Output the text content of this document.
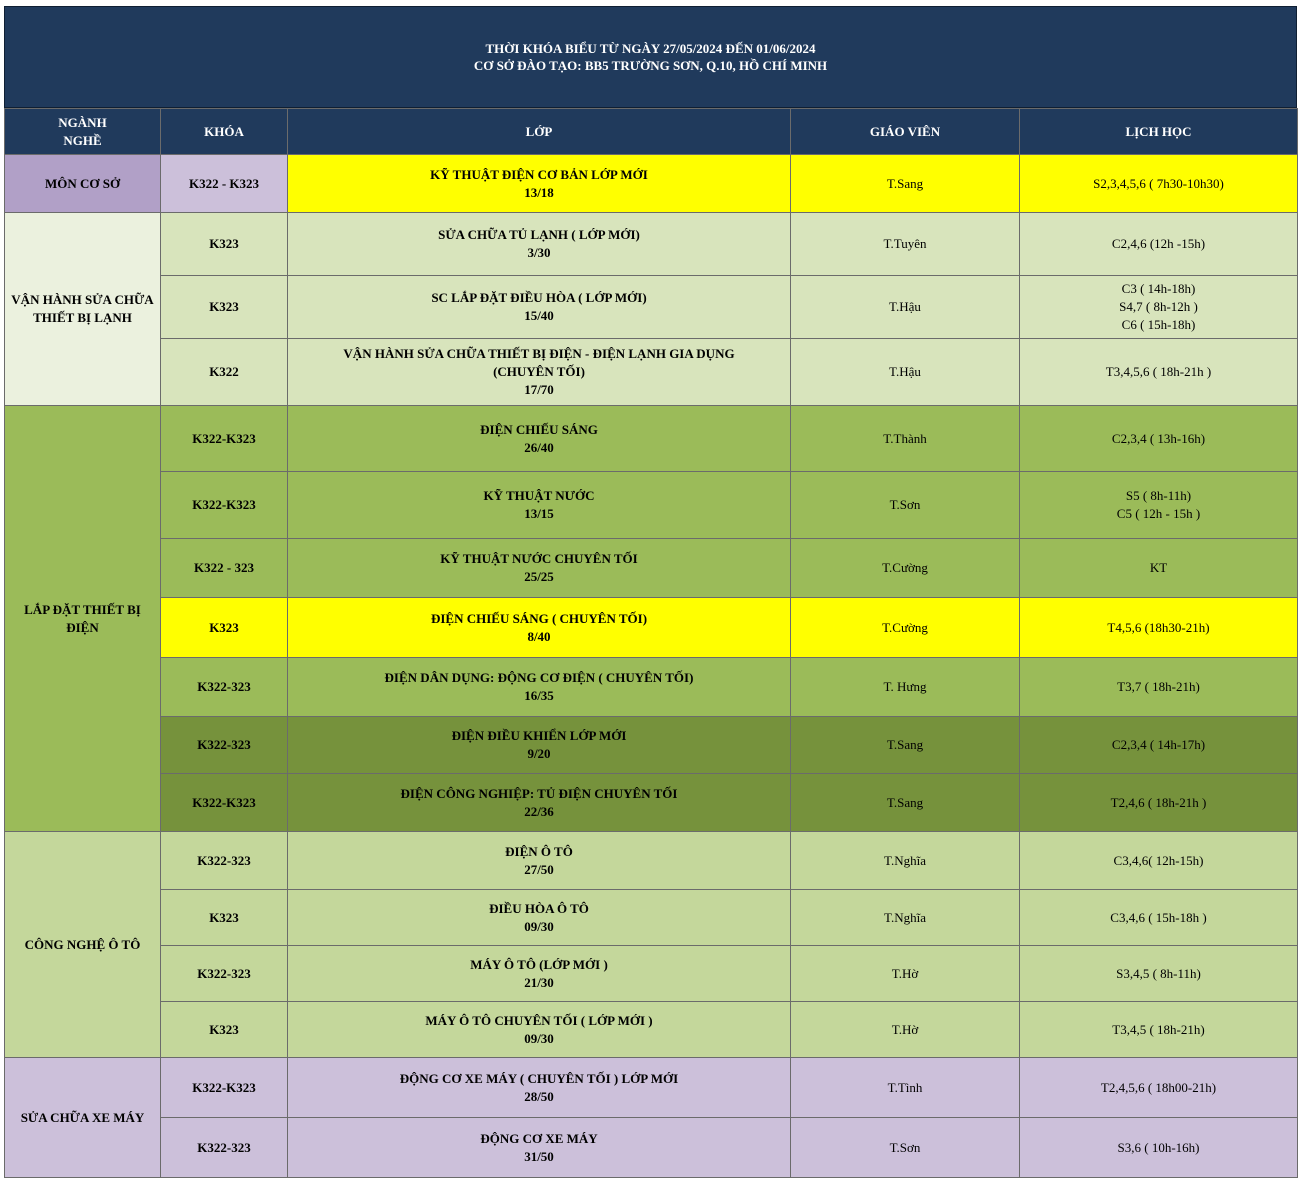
THỜI KHÓA BIỂU TỪ NGÀY 27/05/2024 ĐẾN 01/06/2024
CƠ SỞ ĐÀO TẠO: BB5 TRƯỜNG SƠN, Q.10, HỒ CHÍ MINH
NGÀNH
NGHỀ	KHÓA	LỚP	GIÁO VIÊN	LỊCH HỌC
MÔN CƠ SỞ	K322 - K323	KỸ THUẬT ĐIỆN CƠ BẢN LỚP MỚI
13/18	T.Sang	S2,3,4,5,6 ( 7h30-10h30)

VẬN HÀNH SỬA CHỮA THIẾT BỊ LẠNH	K323	SỬA CHỮA TỦ LẠNH ( LỚP MỚI)
3/30	T.Tuyên	C2,4,6 (12h -15h)

	K323	SC LẮP ĐẶT ĐIỀU HÒA ( LỚP MỚI)
15/40	T.Hậu	C3 ( 14h-18h)
S4,7 ( 8h-12h )
C6 ( 15h-18h)

	K322	VẬN HÀNH SỬA CHỮA THIẾT BỊ ĐIỆN - ĐIỆN LẠNH GIA DỤNG
(CHUYÊN TỐI)
17/70	T.Hậu	T3,4,5,6 ( 18h-21h )

LẮP ĐẶT THIẾT BỊ ĐIỆN	K322-K323	ĐIỆN CHIẾU SÁNG
26/40	T.Thành	C2,3,4 ( 13h-16h)

	K322-K323	KỸ THUẬT NƯỚC
13/15	T.Sơn	S5 ( 8h-11h)
C5 ( 12h - 15h )

	K322 - 323	KỸ THUẬT NƯỚC CHUYÊN TỐI
25/25	T.Cường	KT

	K323	ĐIỆN CHIẾU SÁNG ( CHUYÊN TỐI)
8/40	T.Cường	T4,5,6 (18h30-21h)

	K322-323	ĐIỆN DÂN DỤNG: ĐỘNG CƠ ĐIỆN ( CHUYÊN TỐI)
16/35	T. Hưng	T3,7 ( 18h-21h)

	K322-323	ĐIỆN ĐIỀU KHIỂN LỚP MỚI
9/20	T.Sang	C2,3,4 ( 14h-17h)

	K322-K323	ĐIỆN CÔNG NGHIỆP: TỦ ĐIỆN CHUYÊN TỐI
22/36	T.Sang	T2,4,6 ( 18h-21h )

CÔNG NGHỆ Ô TÔ	K322-323	ĐIỆN Ô TÔ
27/50	T.Nghĩa	C3,4,6( 12h-15h)

	K323	ĐIỀU HÒA Ô TÔ
09/30	T.Nghĩa	C3,4,6 ( 15h-18h )

	K322-323	MÁY Ô TÔ (LỚP MỚI )
21/30	T.Hờ	S3,4,5 ( 8h-11h)

	K323	MÁY Ô TÔ CHUYÊN TỐI ( LỚP MỚI )
09/30	T.Hờ	T3,4,5 ( 18h-21h)

SỬA CHỮA XE MÁY	K322-K323	ĐỘNG CƠ XE MÁY ( CHUYÊN TỐI ) LỚP MỚI
28/50	T.Tình	T2,4,5,6 ( 18h00-21h)

	K322-323	ĐỘNG CƠ XE MÁY
31/50	T.Sơn	S3,6 ( 10h-16h)
